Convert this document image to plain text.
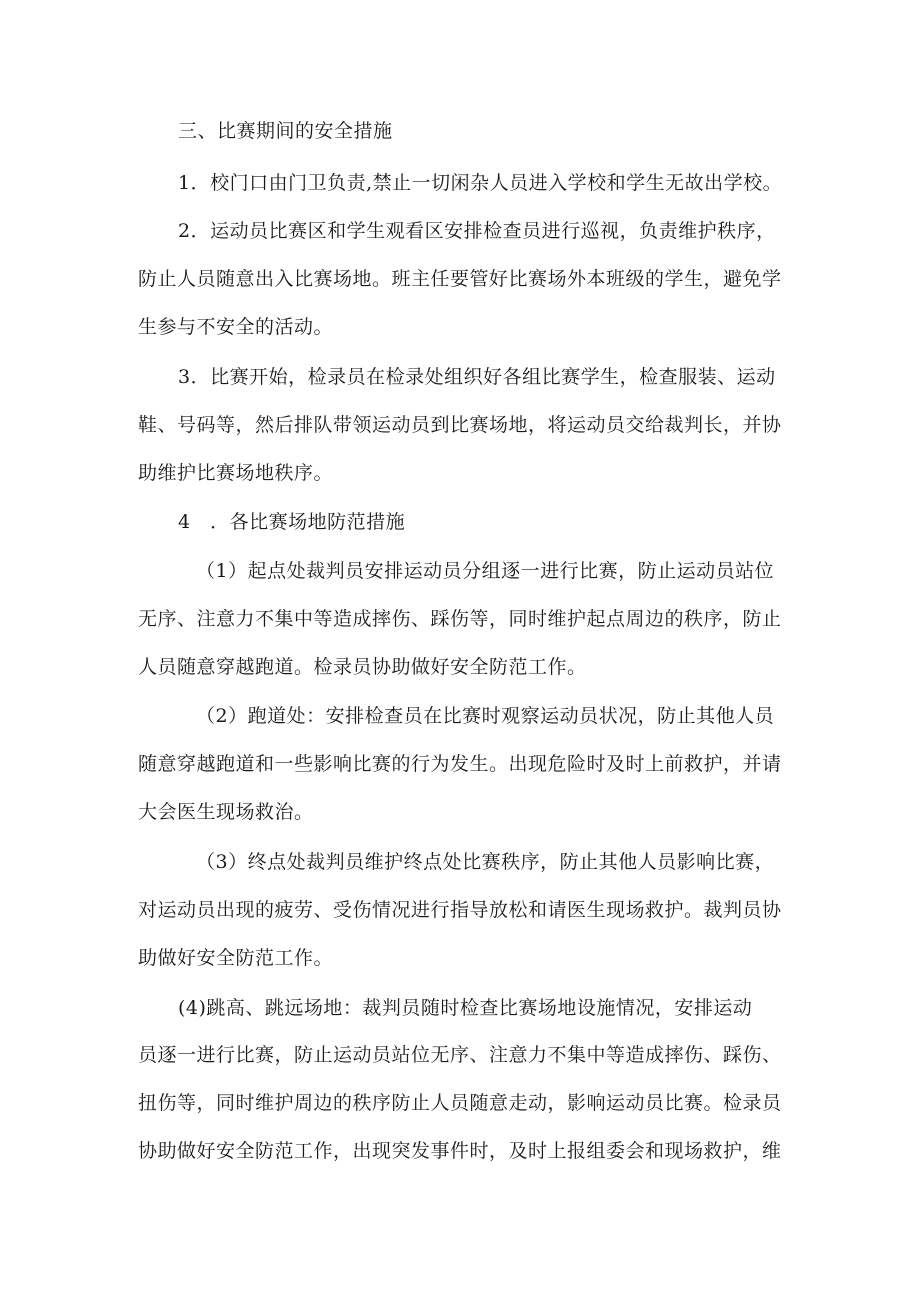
三、比赛期间的安全措施
1．校门口由门卫负责,禁止一切闲杂人员进入学校和学生无故出学校。
2．运动员比赛区和学生观看区安排检查员进行巡视，负责维护秩序，
防止人员随意出入比赛场地。班主任要管好比赛场外本班级的学生，避免学
生参与不安全的活动。
3．比赛开始，检录员在检录处组织好各组比赛学生，检查服装、运动
鞋、号码等，然后排队带领运动员到比赛场地，将运动员交给裁判长，并协
助维护比赛场地秩序。
4　．各比赛场地防范措施
（1）起点处裁判员安排运动员分组逐一进行比赛，防止运动员站位
无序、注意力不集中等造成摔伤、踩伤等，同时维护起点周边的秩序，防止
人员随意穿越跑道。检录员协助做好安全防范工作。
（2）跑道处：安排检查员在比赛时观察运动员状况，防止其他人员
随意穿越跑道和一些影响比赛的行为发生。出现危险时及时上前救护，并请
大会医生现场救治。
（3）终点处裁判员维护终点处比赛秩序，防止其他人员影响比赛，
对运动员出现的疲劳、受伤情况进行指导放松和请医生现场救护。裁判员协
助做好安全防范工作。
(4)跳高、跳远场地：裁判员随时检查比赛场地设施情况，安排运动
员逐一进行比赛，防止运动员站位无序、注意力不集中等造成摔伤、踩伤、
扭伤等，同时维护周边的秩序防止人员随意走动，影响运动员比赛。检录员
协助做好安全防范工作，出现突发事件时，及时上报组委会和现场救护，维
